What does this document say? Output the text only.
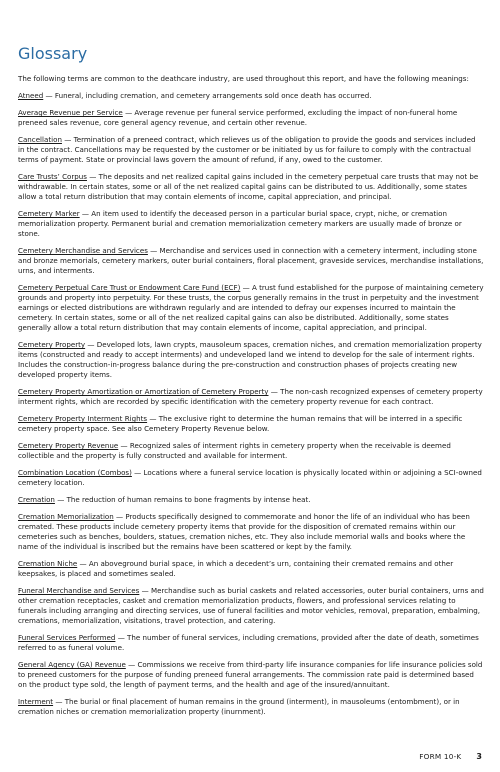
Glossary

The following terms are common to the deathcare industry, are used throughout this report, and have the following meanings:

Atneed — Funeral, including cremation, and cemetery arrangements sold once death has occurred.

Average Revenue per Service — Average revenue per funeral service performed, excluding the impact of non-funeral home preneed sales revenue, core general agency revenue, and certain other revenue.

Cancellation — Termination of a preneed contract, which relieves us of the obligation to provide the goods and services included in the contract. Cancellations may be requested by the customer or be initiated by us for failure to comply with the contractual terms of payment. State or provincial laws govern the amount of refund, if any, owed to the customer.

Care Trusts’ Corpus — The deposits and net realized capital gains included in the cemetery perpetual care trusts that may not be withdrawable. In certain states, some or all of the net realized capital gains can be distributed to us. Additionally, some states allow a total return distribution that may contain elements of income, capital appreciation, and principal.

Cemetery Marker — An item used to identify the deceased person in a particular burial space, crypt, niche, or cremation memorialization property. Permanent burial and cremation memorialization cemetery markers are usually made of bronze or stone.

Cemetery Merchandise and Services — Merchandise and services used in connection with a cemetery interment, including stone and bronze memorials, cemetery markers, outer burial containers, floral placement, graveside services, merchandise installations, urns, and interments.

Cemetery Perpetual Care Trust or Endowment Care Fund (ECF) — A trust fund established for the purpose of maintaining cemetery grounds and property into perpetuity. For these trusts, the corpus generally remains in the trust in perpetuity and the investment earnings or elected distributions are withdrawn regularly and are intended to defray our expenses incurred to maintain the cemetery. In certain states, some or all of the net realized capital gains can also be distributed. Additionally, some states generally allow a total return distribution that may contain elements of income, capital appreciation, and principal.

Cemetery Property — Developed lots, lawn crypts, mausoleum spaces, cremation niches, and cremation memorialization property items (constructed and ready to accept interments) and undeveloped land we intend to develop for the sale of interment rights. Includes the construction-in-progress balance during the pre-construction and construction phases of projects creating new developed property items.

Cemetery Property Amortization or Amortization of Cemetery Property — The non-cash recognized expenses of cemetery property interment rights, which are recorded by specific identification with the cemetery property revenue for each contract.

Cemetery Property Interment Rights — The exclusive right to determine the human remains that will be interred in a specific cemetery property space. See also Cemetery Property Revenue below.

Cemetery Property Revenue — Recognized sales of interment rights in cemetery property when the receivable is deemed collectible and the property is fully constructed and available for interment.

Combination Location (Combos) — Locations where a funeral service location is physically located within or adjoining a SCI-owned cemetery location.

Cremation — The reduction of human remains to bone fragments by intense heat.

Cremation Memorialization — Products specifically designed to commemorate and honor the life of an individual who has been cremated. These products include cemetery property items that provide for the disposition of cremated remains within our cemeteries such as benches, boulders, statues, cremation niches, etc. They also include memorial walls and books where the name of the individual is inscribed but the remains have been scattered or kept by the family.

Cremation Niche — An aboveground burial space, in which a decedent’s urn, containing their cremated remains and other keepsakes, is placed and sometimes sealed.

Funeral Merchandise and Services — Merchandise such as burial caskets and related accessories, outer burial containers, urns and other cremation receptacles, casket and cremation memorialization products, flowers, and professional services relating to funerals including arranging and directing services, use of funeral facilities and motor vehicles, removal, preparation, embalming, cremations, memorialization, visitations, travel protection, and catering.

Funeral Services Performed — The number of funeral services, including cremations, provided after the date of death, sometimes referred to as funeral volume.

General Agency (GA) Revenue — Commissions we receive from third-party life insurance companies for life insurance policies sold to preneed customers for the purpose of funding preneed funeral arrangements. The commission rate paid is determined based on the product type sold, the length of payment terms, and the health and age of the insured/annuitant.

Interment — The burial or final placement of human remains in the ground (interment), in mausoleums (entombment), or in cremation niches or cremation memorialization property (inurnment).

FORM 10-K 3
